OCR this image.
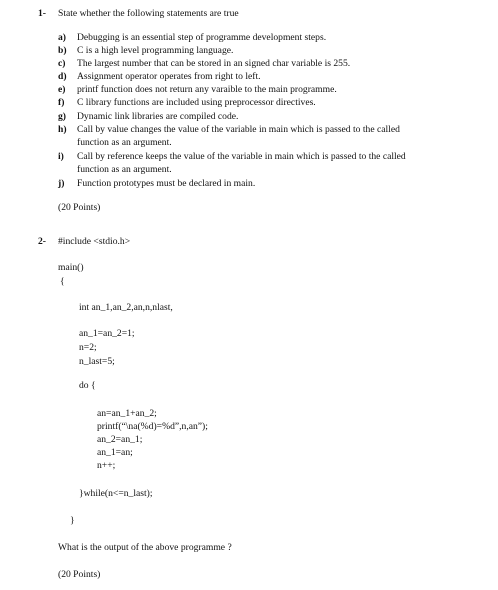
1- State whether the following statements are true
a) Debugging is an essential step of programme development steps.
b) C is a high level programming language.
c) The largest number that can be stored in an signed char variable is 255.
d) Assignment operator operates from right to left.
e) printf function does not return any varaible to the main programme.
f) C library functions are included using preprocessor directives.
g) Dynamic link libraries are compiled code.
h) Call by value changes the value of the variable in main which is passed to the called
function as an argument.
i) Call by reference keeps the value of the variable in main which is passed to the called
function as an argument.
j) Function prototypes must be declared in main.
(20 Points)
2- #include <stdio.h>
main()
{
int an_1,an_2,an,n,nlast,
an_1=an_2=1;
n=2;
n_last=5;
do {
an=an_1+an_2;
printf(“\na(%d)=%d”,n,an”);
an_2=an_1;
an_1=an;
n++;
}while(n<=n_last);
}
What is the output of the above programme ?
(20 Points)
